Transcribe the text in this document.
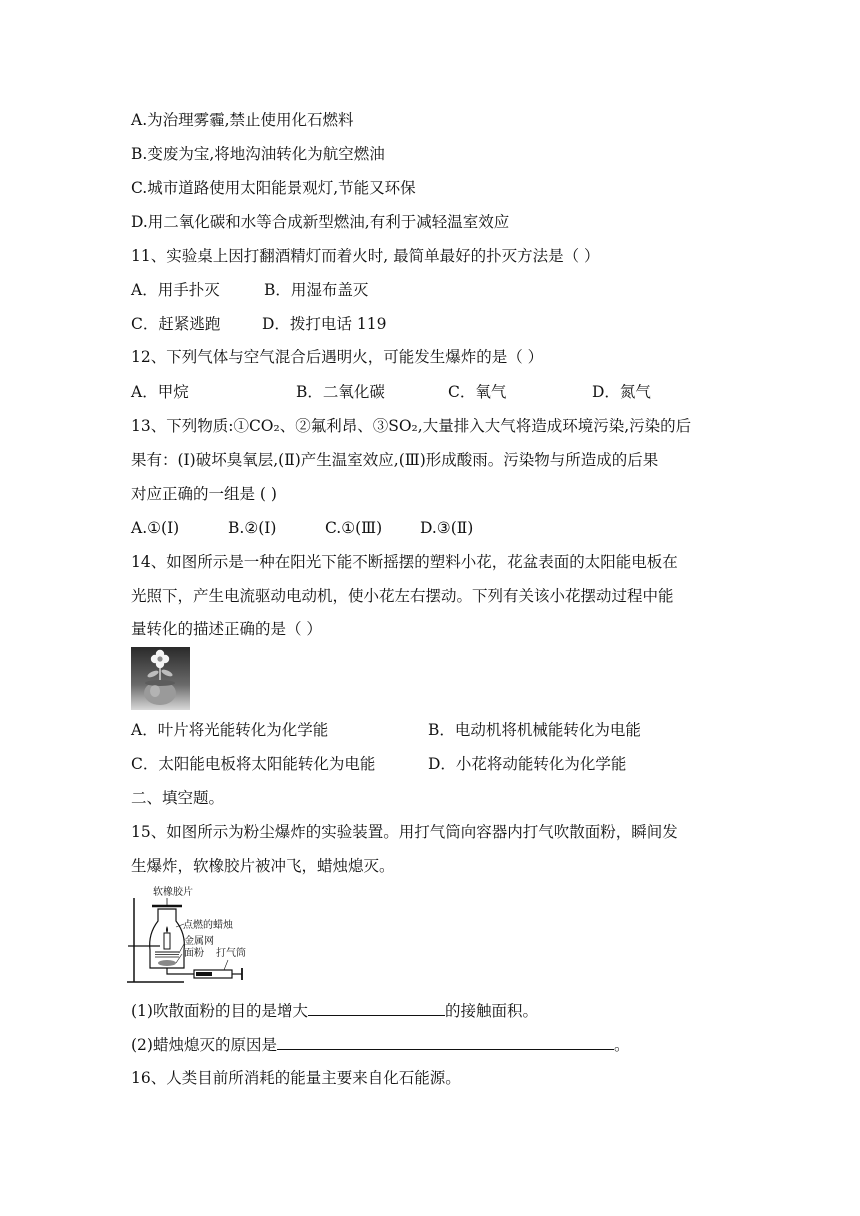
A.为治理雾霾,禁止使用化石燃料
B.变废为宝,将地沟油转化为航空燃油
C.城市道路使用太阳能景观灯,节能又环保
D.用二氧化碳和水等合成新型燃油,有利于减轻温室效应
11、实验桌上因打翻酒精灯而着火时, 最简单最好的扑灭方法是（ ）
A．用手扑灭	B．用湿布盖灭
C．赶紧逃跑	D．拨打电话 119
12、下列气体与空气混合后遇明火，可能发生爆炸的是（ ）
A．甲烷	B．二氧化碳	C．氧气	D．氮气
13、下列物质:①CO₂、②氟利昂、③SO₂,大量排入大气将造成环境污染,污染的后
果有：(Ⅰ)破坏臭氧层,(Ⅱ)产生温室效应,(Ⅲ)形成酸雨。污染物与所造成的后果
对应正确的一组是 ( )
A.①(Ⅰ)	B.②(Ⅰ)	C.①(Ⅲ) D.③(Ⅱ)
14、如图所示是一种在阳光下能不断摇摆的塑料小花，花盆表面的太阳能电板在
光照下，产生电流驱动电动机，使小花左右摆动。下列有关该小花摆动过程中能
量转化的描述正确的是（ ）
A．叶片将光能转化为化学能	B．电动机将机械能转化为电能
C．太阳能电板将太阳能转化为电能	D．小花将动能转化为化学能
二、填空题。
15、如图所示为粉尘爆炸的实验装置。用打气筒向容器内打气吹散面粉，瞬间发
生爆炸，软橡胶片被冲飞，蜡烛熄灭。
软橡胶片
点燃的蜡烛
金属网
面粉 打气筒
(1)吹散面粉的目的是增大	的接触面积。
(2)蜡烛熄灭的原因是	。
16、人类目前所消耗的能量主要来自化石能源。
